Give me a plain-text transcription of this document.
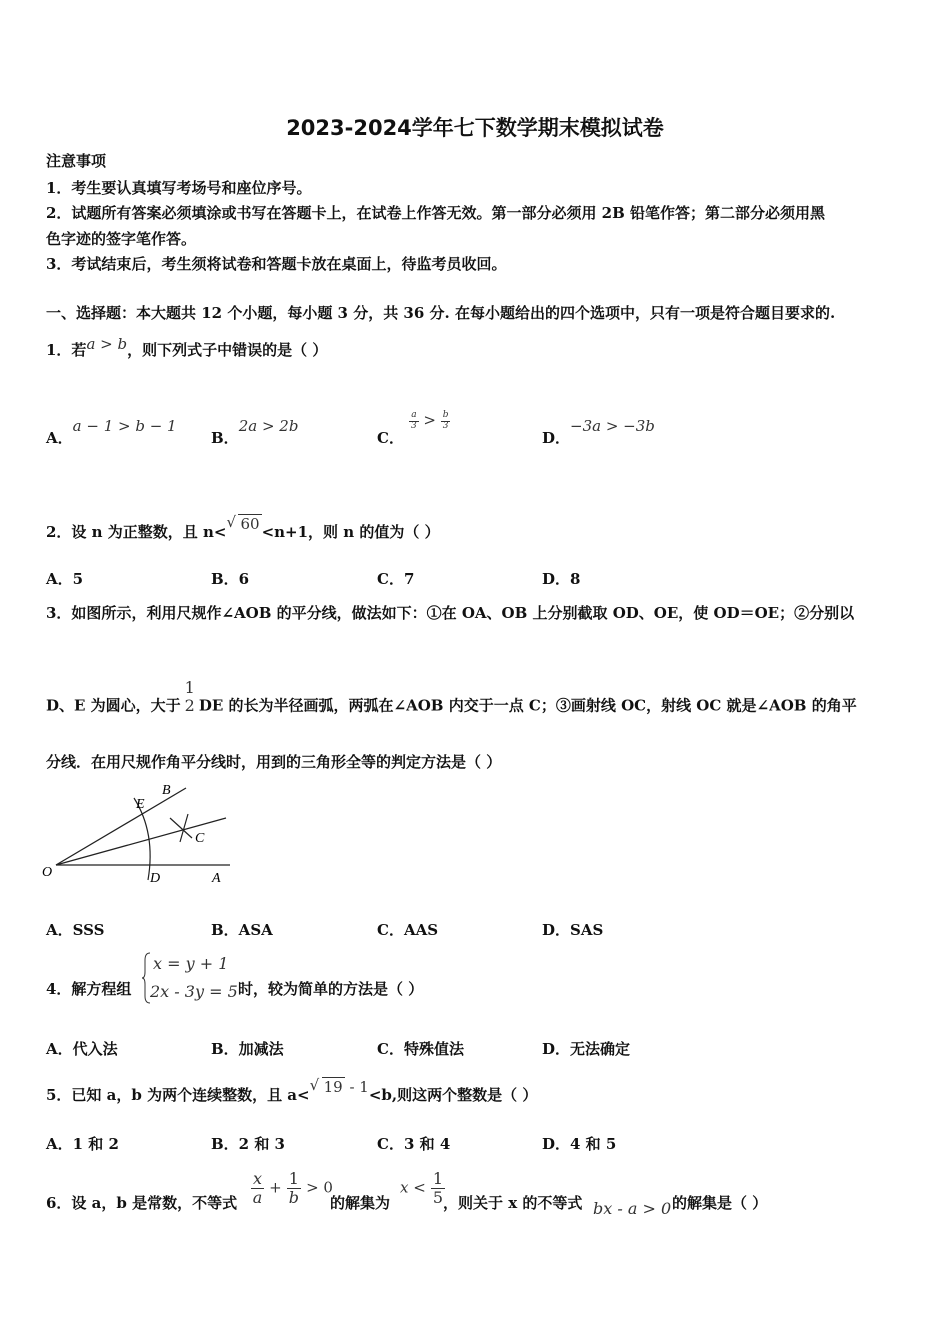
2023-2024学年七下数学期末模拟试卷
注意事项
1．考生要认真填写考场号和座位序号。
2．试题所有答案必须填涂或书写在答题卡上，在试卷上作答无效。第一部分必须用 2B 铅笔作答；第二部分必须用黑
色字迹的签字笔作答。
3．考试结束后，考生须将试卷和答题卡放在桌面上，待监考员收回。
一、选择题：本大题共 12 个小题，每小题 3 分，共 36 分. 在每小题给出的四个选项中，只有一项是符合题目要求的.
1．若a > b，则下列式子中错误的是（ ）
A．a − 1 > b − 1
B．2a > 2b
C．
$\frac{a}{3} > \frac{b}{3}$
D．−3a > −3b
2．设 n 为正整数，且 n<
√ 60 <n+1，则 n 的值为（ ）
A．5	B．6	C．7	D．8
3．如图所示，利用尺规作∠AOB 的平分线，做法如下：①在 OA、OB 上分别截取 OD、OE，使 OD＝OE；②分别以
D、E 为圆心，大于
1
2 DE 的长为半径画弧，两弧在∠AOB 内交于一点 C；③画射线 OC，射线 OC 就是∠AOB 的角平
分线．在用尺规作角平分线时，用到的三角形全等的判定方法是（ ）
O	A
B
C
D
E
A．SSS	B．ASA	C．AAS	D．SAS
4．解方程组
x = y + 1
2x - 3y = 5 时，较为简单的方法是（ ）
A．代入法	B．加减法	C．特殊值法	D．无法确定
5．已知 a，b 为两个连续整数，且 a<
√ 19 - 1<b,则这两个整数是（ ）
A．1 和 2	B．2 和 3	C．3 和 4	D．4 和 5
6．设 a，b 是常数，不等式 $\frac{x}{a} + \frac{1}{b} > 0$
的解集为
$x < \frac{1}{5}$
，则关于 x 的不等式 bx - a > 0 的解集是（ ）
